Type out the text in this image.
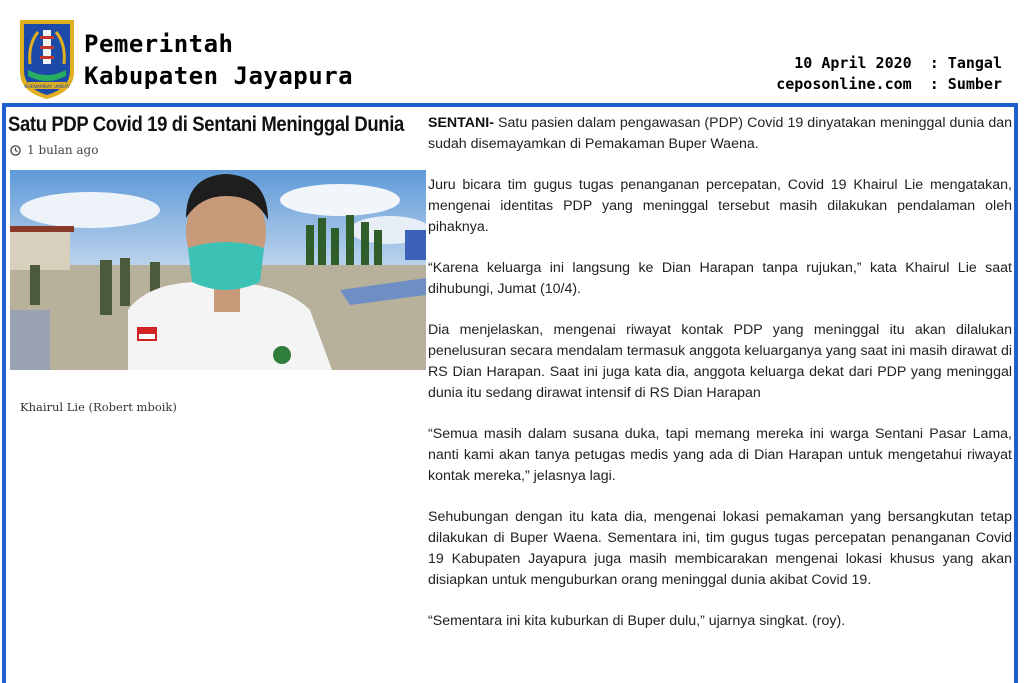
KHENAMBAY UMBAY
Pemerintah
Kabupaten Jayapura	10 April 2020 : Tangal
ceposonline.com : Sumber
Satu PDP Covid 19 di Sentani Meninggal Dunia
1 bulan ago
Khairul Lie (Robert mboik)

SENTANI- Satu pasien dalam pengawasan (PDP) Covid 19 dinyatakan meninggal dunia dan sudah disemayamkan di Pemakaman Buper Waena.

Juru bicara tim gugus tugas penanganan percepatan, Covid 19 Khairul Lie mengatakan, mengenai identitas PDP yang meninggal tersebut masih dilakukan pendalaman oleh pihaknya.

“Karena keluarga ini langsung ke Dian Harapan tanpa rujukan,” kata Khairul Lie saat dihubungi, Jumat (10/4).

Dia menjelaskan, mengenai riwayat kontak PDP yang meninggal itu akan dilalukan penelusuran secara mendalam termasuk anggota keluarganya yang saat ini masih dirawat di RS Dian Harapan. Saat ini juga kata dia, anggota keluarga dekat dari PDP yang meninggal dunia itu sedang dirawat intensif di RS Dian Harapan

“Semua masih dalam susana duka, tapi memang mereka ini warga Sentani Pasar Lama, nanti kami akan tanya petugas medis yang ada di Dian Harapan untuk mengetahui riwayat kontak mereka,” jelasnya lagi.

Sehubungan dengan itu kata dia, mengenai lokasi pemakaman yang bersangkutan tetap dilakukan di Buper Waena. Sementara ini, tim gugus tugas percepatan penanganan Covid 19 Kabupaten Jayapura juga masih membicarakan mengenai lokasi khusus yang akan disiapkan untuk menguburkan orang meninggal dunia akibat Covid 19.

“Sementara ini kita kuburkan di Buper dulu,” ujarnya singkat. (roy).
